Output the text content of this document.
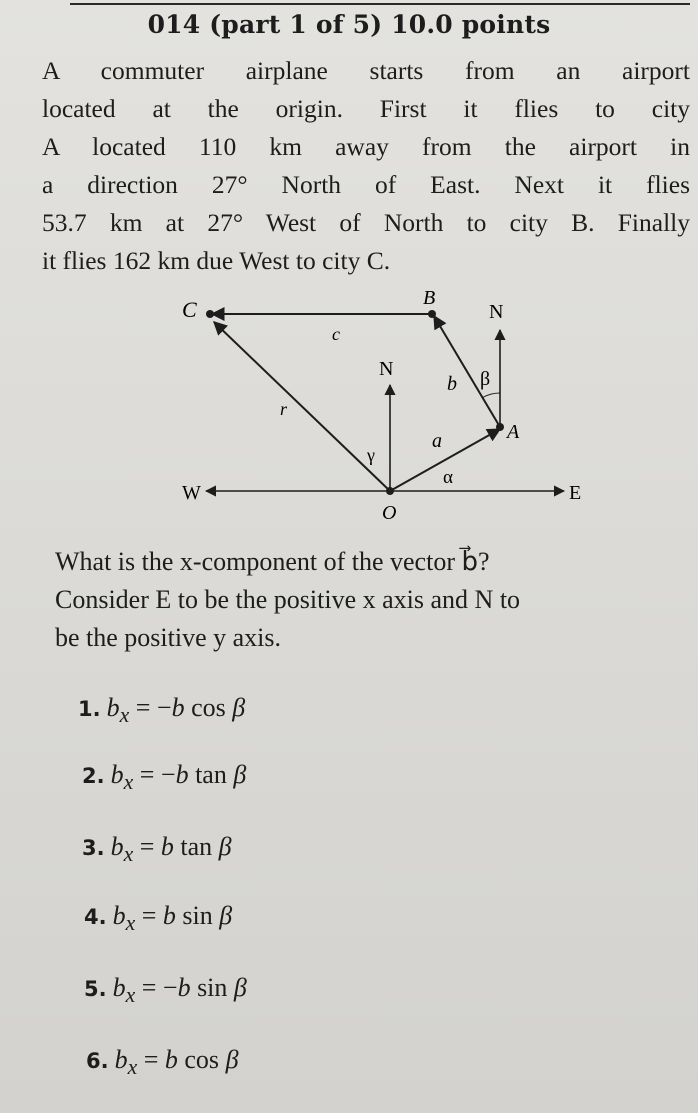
014 (part 1 of 5) 10.0 points
A commuter airplane starts from an airport
located at the origin. First it flies to city
A located 110 km away from the airport in
a direction 27° North of East. Next it flies
53.7 km at 27° West of North to city B. Finally
it flies 162 km due West to city C.
C	B
A
O
N
N
W	E
c
r
b
a
β
γ
α
What is the x-component of the vector b⃗?
Consider E to be the positive x axis and N to
be the positive y axis.
1. $b_x = -b$ cos β
2. $b_x = -b$ tan β
3. $b_x = b$ tan β
4. $b_x = b$ sin β
5. $b_x = -b$ sin β
6. $b_x = b$ cos β
